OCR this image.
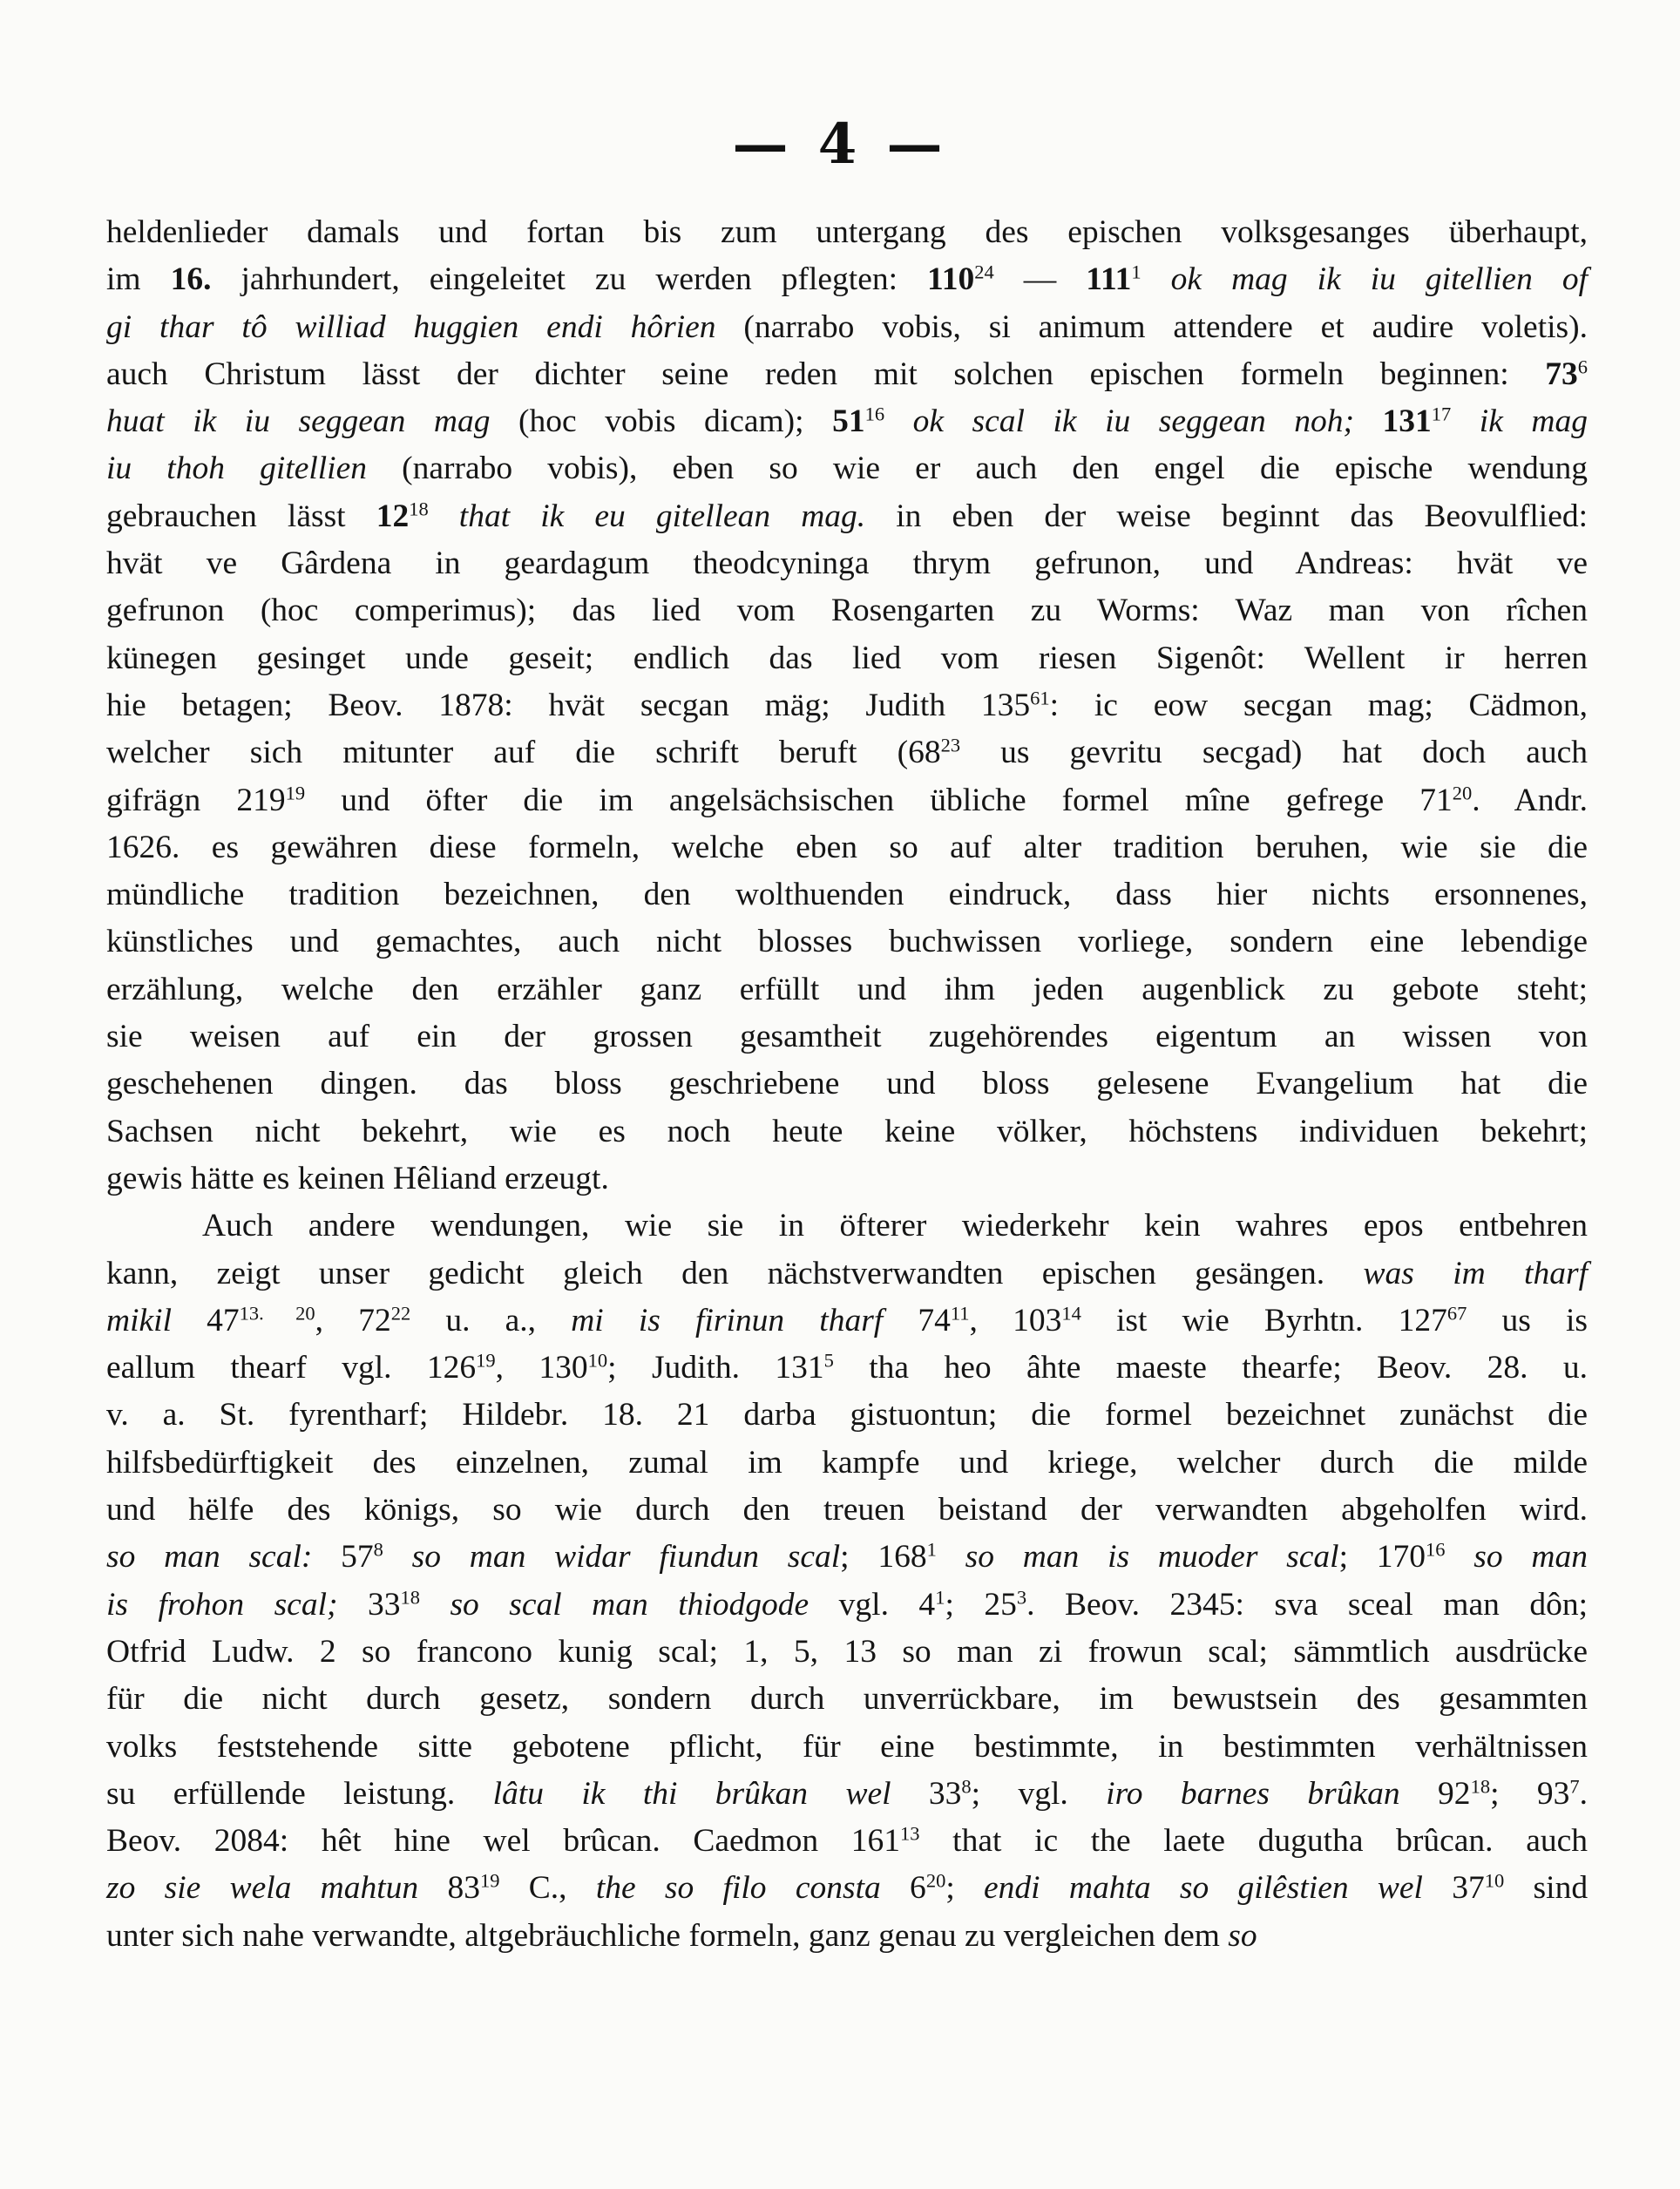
— 4 —
heldenlieder damals und fortan bis zum untergang des epischen volksgesanges überhaupt,
im 16. jahrhundert, eingeleitet zu werden pflegten: $110^{24}$ — $111^1$ ok mag ik iu gitellien of
gi thar tô williad huggien endi hôrien (narrabo vobis, si animum attendere et audire voletis).
auch Christum lässt der dichter seine reden mit solchen epischen formeln beginnen: $73^6$
huat ik iu seggean mag (hoc vobis dicam); $51^{16}$ ok scal ik iu seggean noh; $131^{17}$ ik mag
iu thoh gitellien (narrabo vobis), eben so wie er auch den engel die epische wendung
gebrauchen lässt $12^{18}$ that ik eu gitellean mag. in eben der weise beginnt das Beovulflied:
hvät ve Gârdena in geardagum theodcyninga thrym gefrunon, und Andreas: hvät ve
gefrunon (hoc comperimus); das lied vom Rosengarten zu Worms: Waz man von rîchen
künegen gesinget unde geseit; endlich das lied vom riesen Sigenôt: Wellent ir herren
hie betagen; Beov. 1878: hvät secgan mäg; Judith $135^{61}$: ic eow secgan mag; Cädmon,
welcher sich mitunter auf die schrift beruft ($68^{23}$ us gevritu secgad) hat doch auch
gifrägn $219^{19}$ und öfter die im angelsächsischen übliche formel mîne gefrege $71^{20}$. Andr.
1626. es gewähren diese formeln, welche eben so auf alter tradition beruhen, wie sie die
mündliche tradition bezeichnen, den wolthuenden eindruck, dass hier nichts ersonnenes,
künstliches und gemachtes, auch nicht blosses buchwissen vorliege, sondern eine lebendige
erzählung, welche den erzähler ganz erfüllt und ihm jeden augenblick zu gebote steht;
sie weisen auf ein der grossen gesamtheit zugehörendes eigentum an wissen von
geschehenen dingen. das bloss geschriebene und bloss gelesene Evangelium hat die
Sachsen nicht bekehrt, wie es noch heute keine völker, höchstens individuen bekehrt;
gewis hätte es keinen Hêliand erzeugt.
Auch andere wendungen, wie sie in öfterer wiederkehr kein wahres epos entbehren
kann, zeigt unser gedicht gleich den nächstverwandten epischen gesängen. was im tharf
mikil $47^{13. 20}$, $72^{22}$ u. a., mi is firinun tharf $74^{11}$, $103^{14}$ ist wie Byrhtn. $127^{67}$ us is
eallum thearf vgl. $126^{19}$, $130^{10}$; Judith. $131^5$ tha heo âhte maeste thearfe; Beov. 28. u.
v. a. St. fyrentharf; Hildebr. 18. 21 darba gistuontun; die formel bezeichnet zunächst die
hilfsbedürftigkeit des einzelnen, zumal im kampfe und kriege, welcher durch die milde
und hëlfe des königs, so wie durch den treuen beistand der verwandten abgeholfen wird.
so man scal: $57^8$ so man widar fiundun scal; $168^1$ so man is muoder scal; $170^{16}$ so man
is frohon scal; $33^{18}$ so scal man thiodgode vgl. $4^1$; $25^3$. Beov. 2345: sva sceal man dôn;
Otfrid Ludw. 2 so francono kunig scal; 1, 5, 13 so man zi frowun scal; sämmtlich ausdrücke
für die nicht durch gesetz, sondern durch unverrückbare, im bewustsein des gesammten
volks feststehende sitte gebotene pflicht, für eine bestimmte, in bestimmten verhältnissen
su erfüllende leistung. lâtu ik thi brûkan wel $33^8$; vgl. iro barnes brûkan $92^{18}$; $93^7$.
Beov. 2084: hêt hine wel brûcan. Caedmon $161^{13}$ that ic the laete dugutha brûcan. auch
zo sie wela mahtun $83^{19}$ C., the so filo consta $6^{20}$; endi mahta so gilêstien wel $37^{10}$ sind
unter sich nahe verwandte, altgebräuchliche formeln, ganz genau zu vergleichen dem so
